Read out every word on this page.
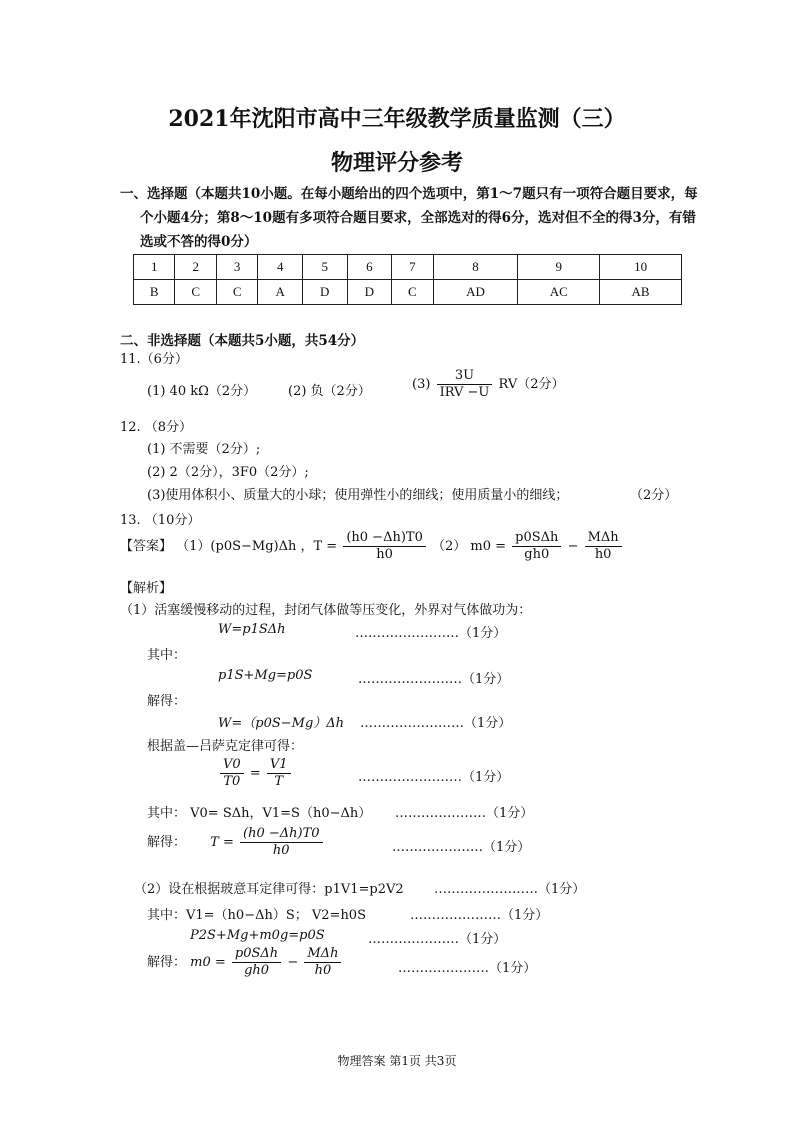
2021年沈阳市高中三年级教学质量监测（三）
物理评分参考
一、选择题（本题共10小题。在每小题给出的四个选项中，第1～7题只有一项符合题目要求，每个小题4分；第8～10题有多项符合题目要求，全部选对的得6分，选对但不全的得3分，有错选或不答的得0分）
1	2	3	4	5	6	7	8	9	10
B	C	C	A	D	D	C	AD	AC	AB
二、非选择题（本题共5小题，共54分）
11.（6分）
(1) 40 kΩ（2分） (2) 负（2分）	$(3) \frac{3U}{\text{IRV −U}} RV(2$分）
12. （8分）
(1) 不需要（2分）;
(2) 2（2分），3F0（2分）;
(3)使用体积小、质量大的小球；使用弹性小的细线；使用质量小的细线；	（2分）
13. （10分）
【答案】 （1）(p0S−Mg)Δh ，$T = \frac{(h0 -\Delta h)T0}{h0} (2) m0 = \frac{\text{p0SΔh}}{gh0} - \frac{\text{MΔh}}{h0}$
【解析】
（1）活塞缓慢移动的过程，封闭气体做等压变化，外界对气体做功为：
W=p1SΔh	……………………（1分）
其中：
p1S+Mg=p0S	……………………（1分）
解得：
W=（p0S−Mg）Δh ……………………（1分）
根据盖—吕萨克定律可得：
$\frac{V0}{T0} = \frac{V1}{T}$	……………………（1分）
其中： V0= SΔh，V1=S（h0−Δh） …………………（1分）
解得： $T = \frac{(h0 -\Delta h)T0}{h0}$	…………………（1分）
（2）设在根据玻意耳定律可得：p1V1=p2V2 ……………………（1分）
其中：V1=（h0−Δh）S； V2=h0S	…………………（1分）
P2S+Mg+m0g=p0S	…………………（1分）
解得： $m0 = \frac{\text{p0SΔh}}{gh0} - \frac{\text{MΔh}}{h0}$	…………………（1分）
物理答案 第1页 共3页
